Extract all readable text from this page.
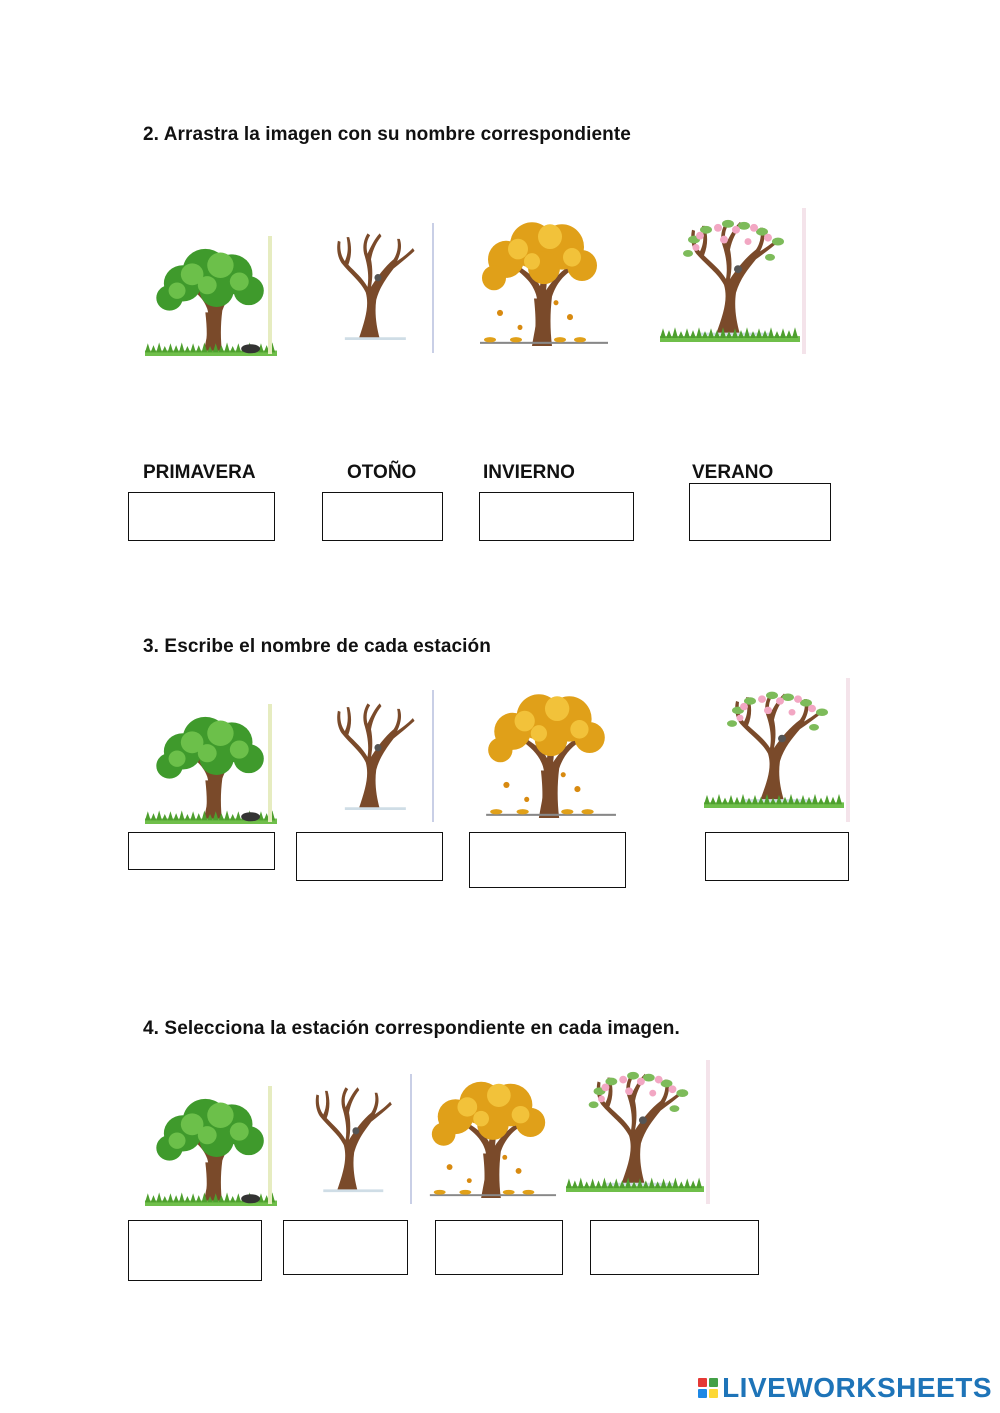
2. Arrastra la imagen con su nombre correspondiente
PRIMAVERA	OTOÑO	INVIERNO	VERANO
3. Escribe el nombre de cada estación
4. Selecciona la estación correspondiente en cada imagen.
LIVEWORKSHEETS
